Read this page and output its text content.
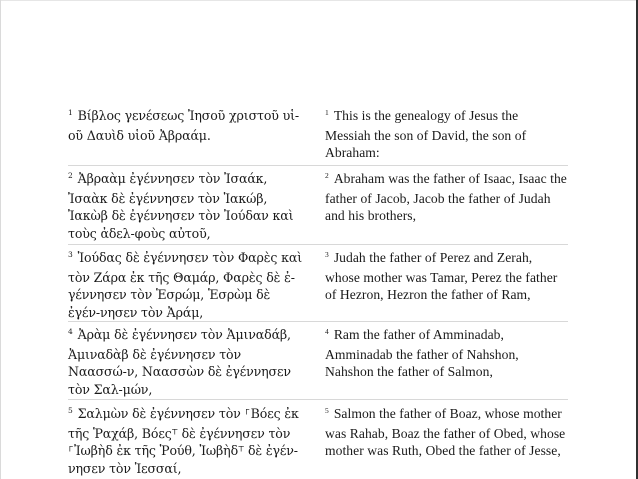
$^1$ Βίβλος γενέσεως Ἰησοῦ χριστοῦ υἱ-οῦ Δαυὶδ υἱοῦ Ἀβραάμ.

$^1$ This is the genealogy of Jesus the Messiah the son of David, the son of Abraham:

$^2$ Ἀβραὰμ ἐγέννησεν τὸν Ἰσαάκ, Ἰσαὰκ δὲ ἐγέννησεν τὸν Ἰακώβ, Ἰακὼβ δὲ ἐγέννησεν τὸν Ἰούδαν καὶ τοὺς ἀδελ-φοὺς αὐτοῦ,

$^2$ Abraham was the father of Isaac, Isaac the father of Jacob, Jacob the father of Judah and his brothers,

$^3$ Ἰούδας δὲ ἐγέννησεν τὸν Φαρὲς καὶ τὸν Ζάρα ἐκ τῆς Θαμάρ, Φαρὲς δὲ ἐ-γέννησεν τὸν Ἑσρώμ, Ἑσρὼμ δὲ ἐγέν-νησεν τὸν Ἀράμ,

$^3$ Judah the father of Perez and Zerah, whose mother was Tamar, Perez the father of Hezron, Hezron the father of Ram,

$^4$ Ἀρὰμ δὲ ἐγέννησεν τὸν Ἀμιναδάβ, Ἀμιναδὰβ δὲ ἐγέννησεν τὸν Ναασσώ-ν, Ναασσὼν δὲ ἐγέννησεν τὸν Σαλ-μών,

$^4$ Ram the father of Amminadab, Amminadab the father of Nahshon, Nahshon the father of Salmon,

$^5$ Σαλμὼν δὲ ἐγέννησεν τὸν ⸀Βόες ἐκ τῆς Ῥαχάβ, Βόες⸆ δὲ ἐγέννησεν τὸν ⸀Ἰωβὴδ ἐκ τῆς Ῥούθ, Ἰωβὴδ⸆ δὲ ἐγέν-νησεν τὸν Ἰεσσαί,

$^5$ Salmon the father of Boaz, whose mother was Rahab, Boaz the father of Obed, whose mother was Ruth, Obed the father of Jesse,
